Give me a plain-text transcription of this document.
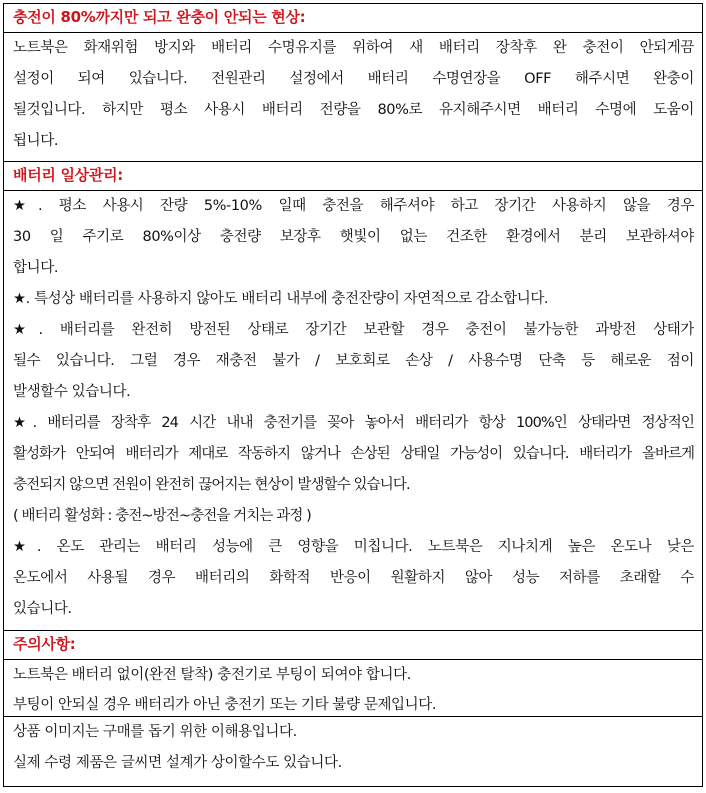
충전이 80%까지만 되고 완충이 안되는 현상:
노트북은 화재위험 방지와 배터리 수명유지를 위하여 새 배터리 장착후 완 충전이 안되게끔
설정이 되여 있습니다. 전원관리 설정에서 배터리 수명연장을 OFF 해주시면 완충이
될것입니다. 하지만 평소 사용시 배터리 전량을 80%로 유지해주시면 배터리 수명에 도움이
됩니다.
배터리 일상관리:
★. 평소 사용시 잔량 5%-10% 일때 충전을 해주셔야 하고 장기간 사용하지 않을 경우
30 일 주기로 80%이상 충전량 보장후 햇빛이 없는 건조한 환경에서 분리 보관하셔야
합니다.
★. 특성상 배터리를 사용하지 않아도 배터리 내부에 충전잔량이 자연적으로 감소합니다.
★. 배터리를 완전히 방전된 상태로 장기간 보관할 경우 충전이 불가능한 과방전 상태가
될수 있습니다. 그럴 경우 재충전 불가 / 보호회로 손상 / 사용수명 단축 등 해로운 점이
발생할수 있습니다.
★. 배터리를 장착후 24 시간 내내 충전기를 꽂아 놓아서 배터리가 항상 100%인 상태라면 정상적인
활성화가 안되여 배터리가 제대로 작동하지 않거나 손상된 상태일 가능성이 있습니다. 배터리가 올바르게
충전되지 않으면 전원이 완전히 끊어지는 현상이 발생할수 있습니다.
( 배터리 활성화 : 충전~방전~충전을 거치는 과정 )
★. 온도 관리는 배터리 성능에 큰 영향을 미칩니다. 노트북은 지나치게 높은 온도나 낮은
온도에서 사용될 경우 배터리의 화학적 반응이 원활하지 않아 성능 저하를 초래할 수
있습니다.
주의사항:
노트북은 배터리 없이(완전 탈착) 충전기로 부팅이 되여야 합니다.
부팅이 안되실 경우 배터리가 아닌 충전기 또는 기타 불량 문제입니다.
상품 이미지는 구매를 돕기 위한 이해용입니다.
실제 수령 제품은 글씨면 설계가 상이할수도 있습니다.
